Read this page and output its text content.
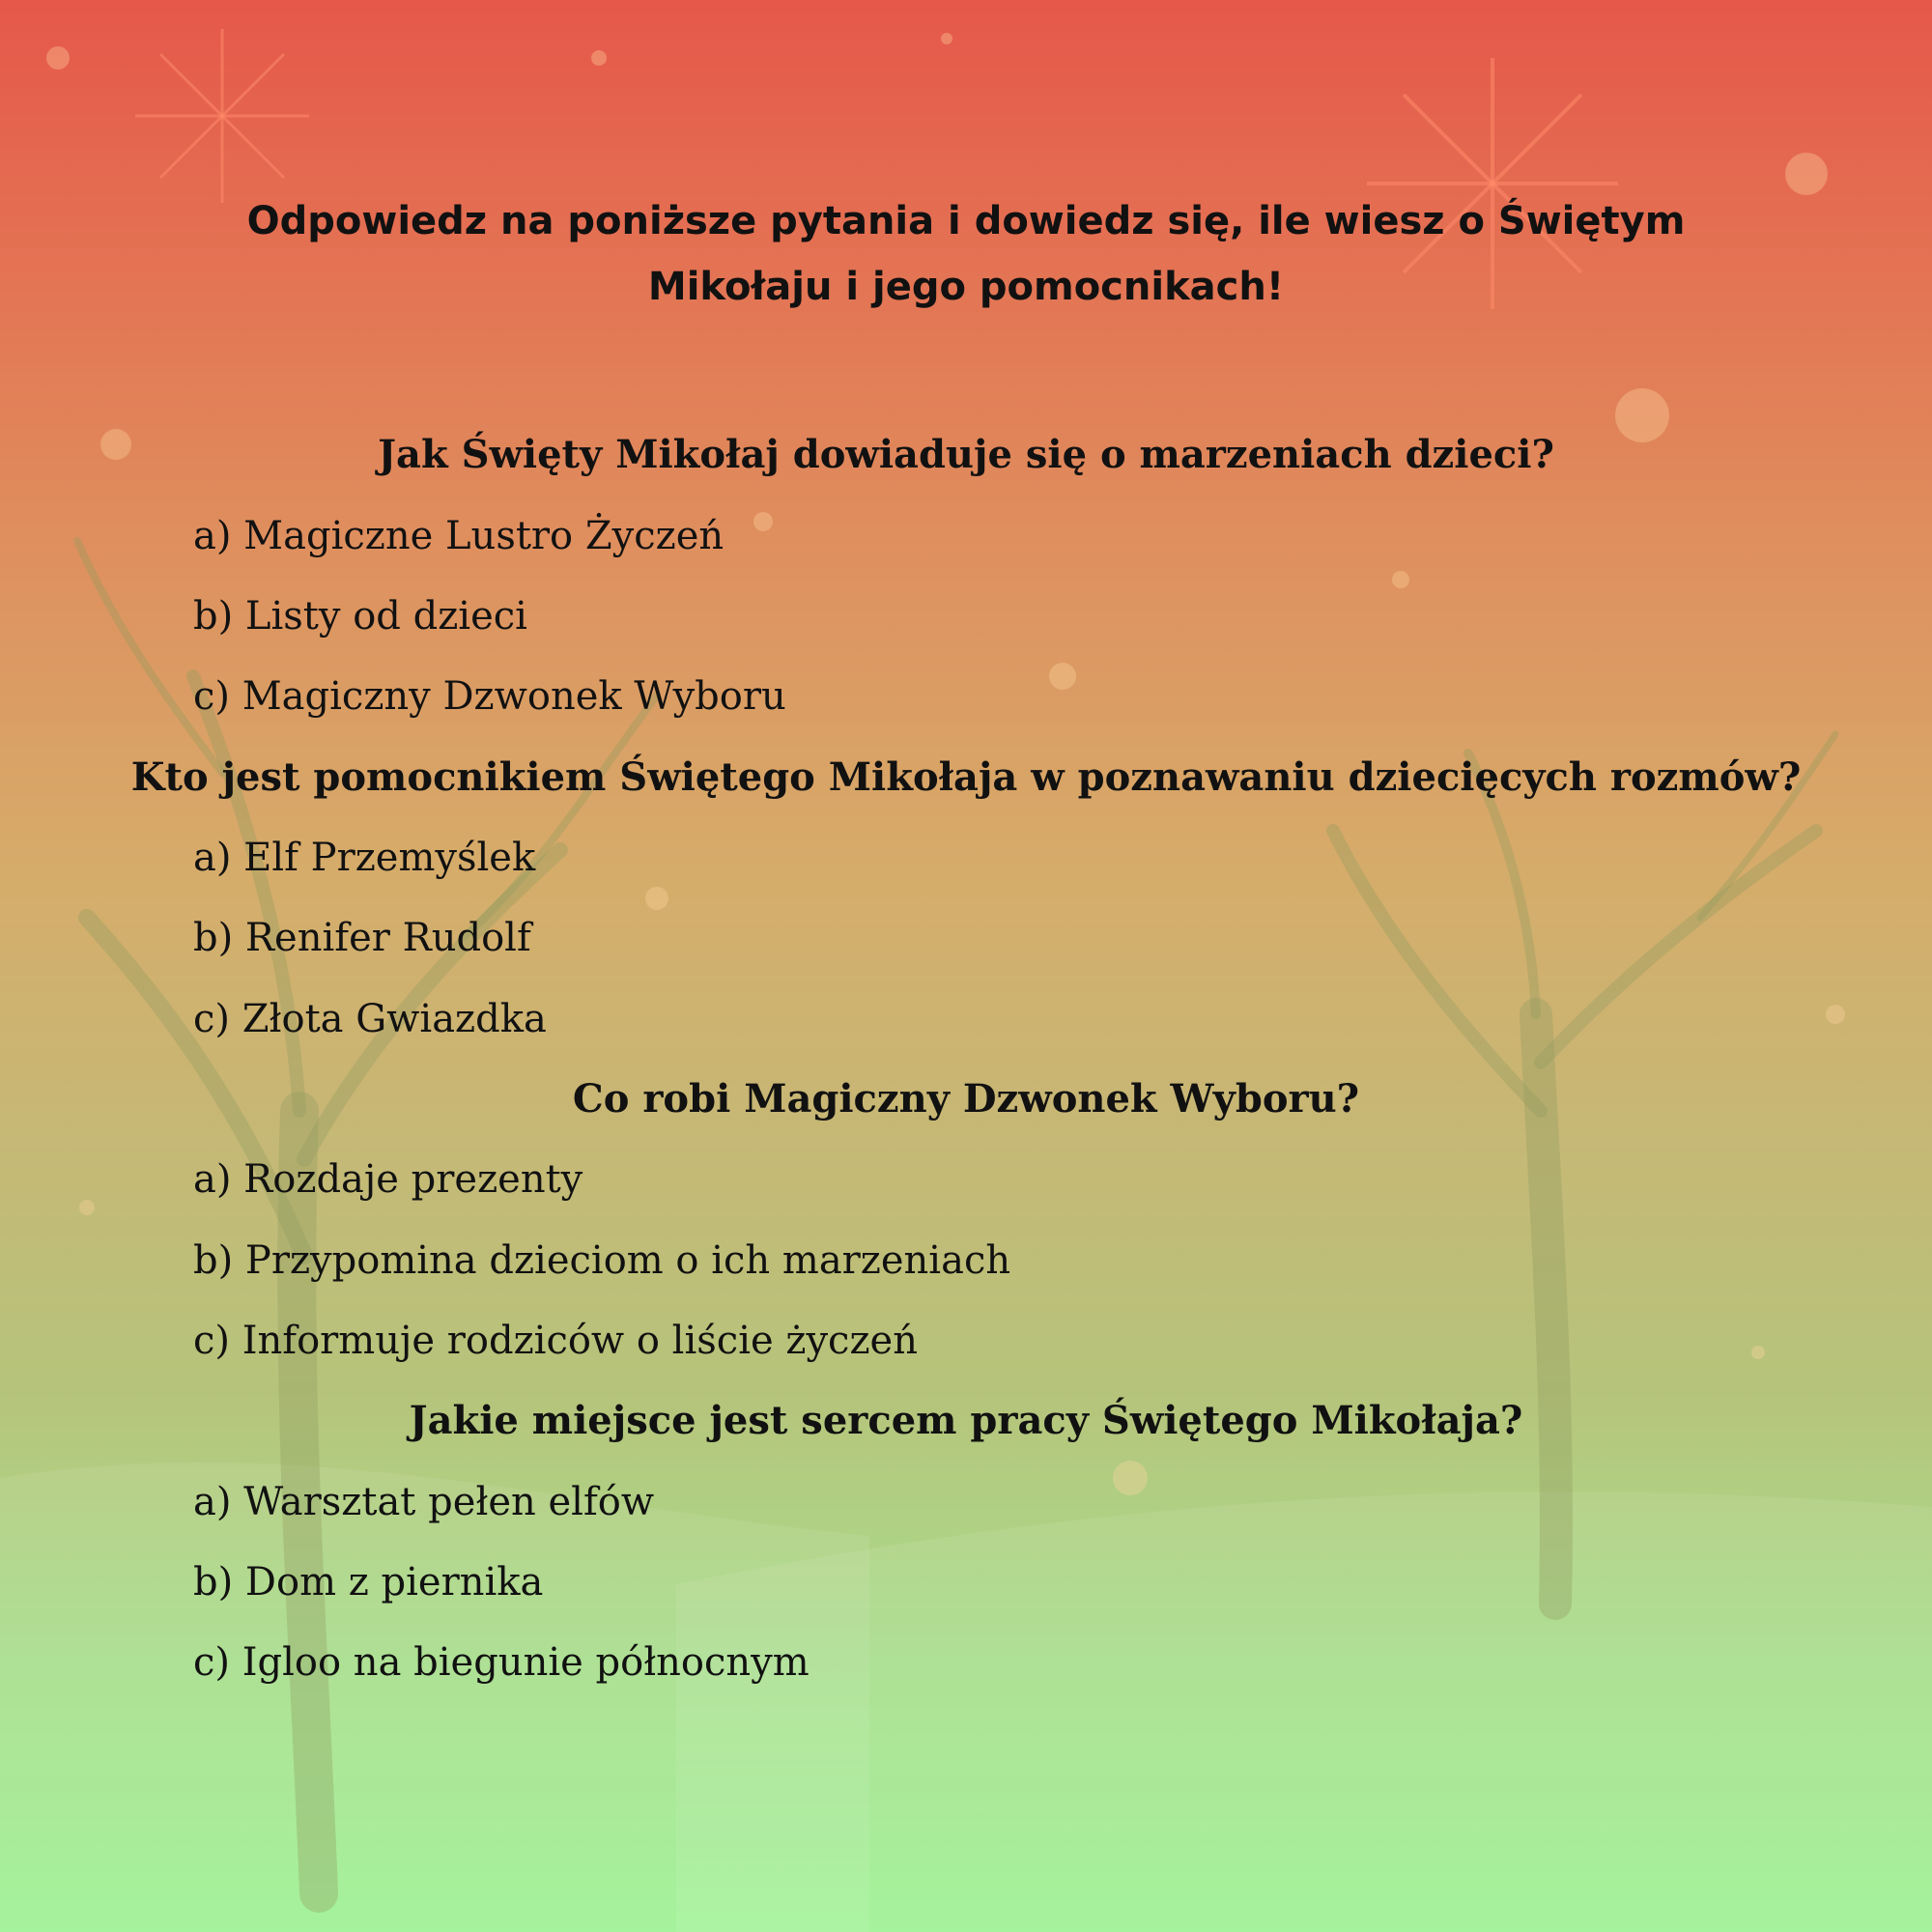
Odpowiedz na poniższe pytania i dowiedz się, ile wiesz o Świętym Mikołaju i jego pomocnikach!

Jak Święty Mikołaj dowiaduje się o marzeniach dzieci?

a) Magiczne Lustro Życzeń

b) Listy od dzieci

c) Magiczny Dzwonek Wyboru

Kto jest pomocnikiem Świętego Mikołaja w poznawaniu dziecięcych rozmów?

a) Elf Przemyślek

b) Renifer Rudolf

c) Złota Gwiazdka

Co robi Magiczny Dzwonek Wyboru?

a) Rozdaje prezenty

b) Przypomina dzieciom o ich marzeniach

c) Informuje rodziców o liście życzeń

Jakie miejsce jest sercem pracy Świętego Mikołaja?

a) Warsztat pełen elfów

b) Dom z piernika

c) Igloo na biegunie północnym
